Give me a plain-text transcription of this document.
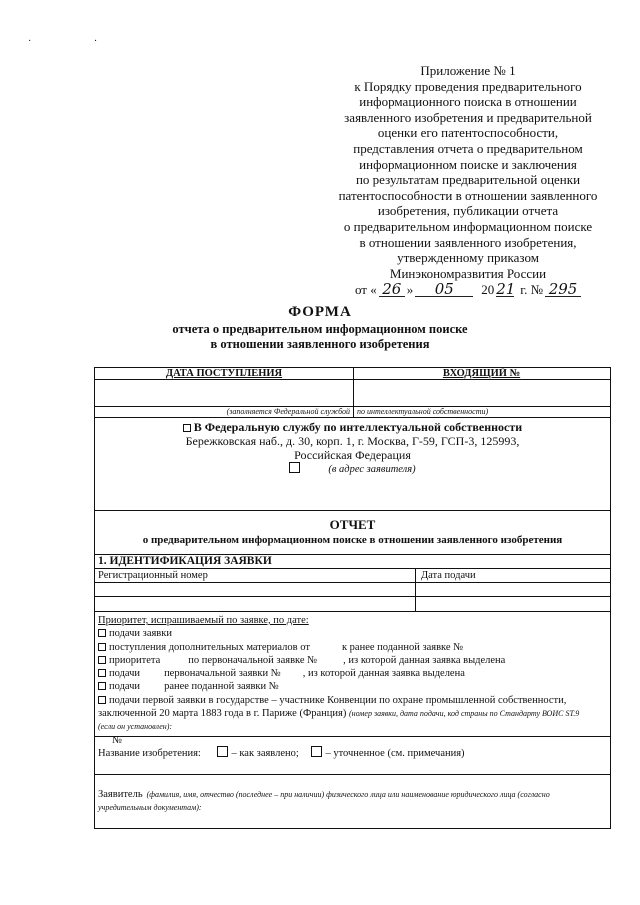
· ·
Приложение № 1
к Порядку проведения предварительного
информационного поиска в отношении
заявленного изобретения и предварительной
оценки его патентоспособности,
представления отчета о предварительном
информационном поиске и заключения
по результатам предварительной оценки
патентоспособности в отношении заявленного
изобретения, публикации отчета
о предварительном информационном поиске
в отношении заявленного изобретения,
утвержденному приказом
Минэкономразвития России
от « 26 »	05	20 21 г. № 295
ФОРМА
отчета о предварительном информационном поиске
в отношении заявленного изобретения
ДАТА ПОСТУПЛЕНИЯ	ВХОДЯЩИЙ №
(заполняется Федеральной службой по интеллектуальной собственности)
В Федеральную службу по интеллектуальной собственности
Бережковская наб., д. 30, корп. 1, г. Москва, Г-59, ГСП-3, 125993,
Российская Федерация
(в адрес заявителя)
ОТЧЕТ
о предварительном информационном поиске в отношении заявленного изобретения
1. ИДЕНТИФИКАЦИЯ ЗАЯВКИ
Регистрационный номер	Дата подачи
Приоритет, испрашиваемый по заявке, по дате:
подачи заявки
поступления дополнительных материалов от	к ранее поданной заявке №
приоритета	по первоначальной заявке № , из которой данная заявка выделена
подачи первоначальной заявки № , из которой данная заявка выделена
подачи ранее поданной заявки №
подачи первой заявки в государстве – участнике Конвенции по охране промышленной собственности,
заключенной 20 марта 1883 года в г. Париже (Франция) (номер заявки, дата подачи, код страны по Стандарту ВОИС ST.9
(если он установлен):
№
Название изобретения:	– как заявлено;	– уточненное (см. примечания)
Заявитель (фамилия, имя, отчество (последнее – при наличии) физического лица или наименование юридического лица (согласно
учредительным документам):
